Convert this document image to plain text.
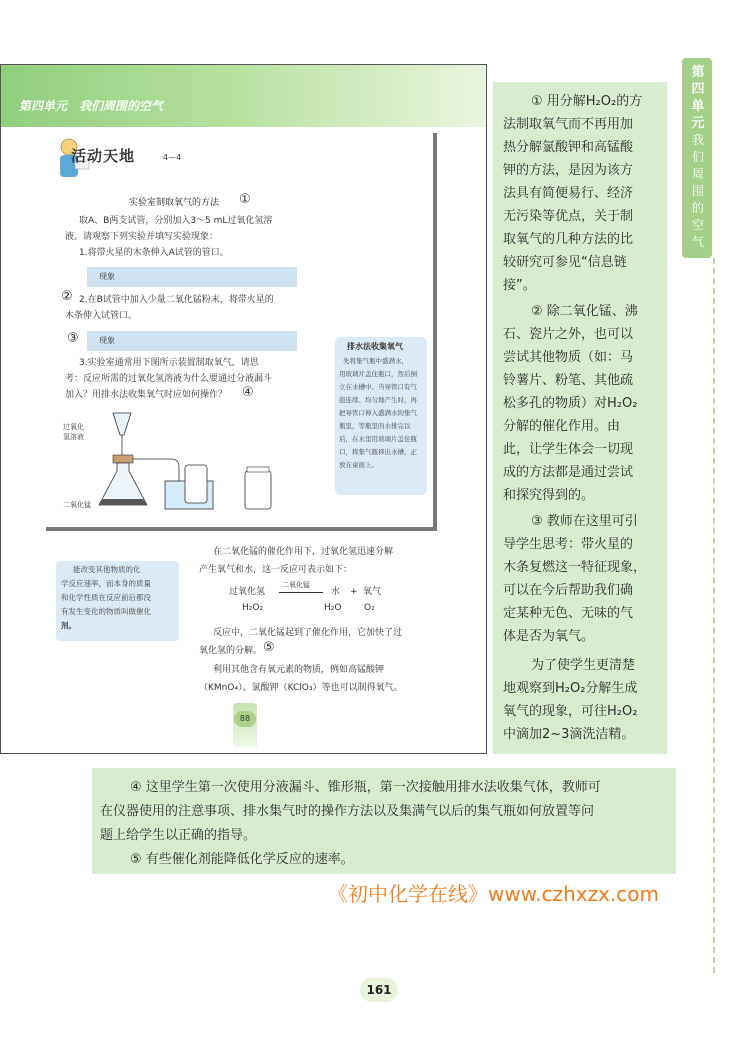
第四单元
我们周围的空气
第四单元　我们周围的空气
活动天地	4—4
实验室制取氧气的方法 ①
取A、B两支试管，分别加入3～5 mL过氧化氢溶
液。请观察下列实验并填写实验现象：
1.将带火星的木条伸入A试管的管口。
现象
② 2.在B试管中加入少量二氧化锰粉末，将带火星的
木条伸入试管口。
③	现象
3.实验室通常用下图所示装置制取氧气，请思
考：反应所需的过氧化氢溶液为什么要通过分液漏斗
加入？用排水法收集氧气时应如何操作？ ④
过氧化
氢溶液
二氧化锰
排水法收集氧气
先将集气瓶中盛满水，
用玻璃片盖住瓶口，然后倒
立在水槽中。当导管口有气
泡连续、均匀地产生时，再
把导管口伸入盛满水的集气
瓶里，等瓶里的水排完以
后，在水里用玻璃片盖住瓶
口，将集气瓶移出水槽，正
放在桌面上。
能改变其他物质的化
学反应速率，而本身的质量
和化学性质在反应前后都没
有发生变化的物质叫做催化
剂。
在二氧化锰的催化作用下，过氧化氢迅速分解
产生氧气和水，这一反应可表示如下：
过氧化氢
二氧化锰
水 + 氧气
H₂O₂	H₂O	O₂
反应中，二氧化锰起到了催化作用，它加快了过
氧化氢的分解。 ⑤
利用其他含有氧元素的物质，例如高锰酸钾
（KMnO₄）、氯酸钾（KClO₃）等也可以制得氧气。
88
① 用分解H₂O₂的方
法制取氧气而不再用加
热分解氯酸钾和高锰酸
钾的方法，是因为该方
法具有简便易行、经济
无污染等优点，关于制
取氧气的几种方法的比
较研究可参见“信息链
接”。
② 除二氧化锰、沸
石、瓷片之外，也可以
尝试其他物质（如：马
铃薯片、粉笔、其他疏
松多孔的物质）对H₂O₂
分解的催化作用。由
此，让学生体会一切现
成的方法都是通过尝试
和探究得到的。
③ 教师在这里可引
导学生思考：带火星的
木条复燃这一特征现象，
可以在今后帮助我们确
定某种无色、无味的气
体是否为氧气。
为了使学生更清楚
地观察到H₂O₂分解生成
氧气的现象，可往H₂O₂
中滴加2~3滴洗洁精。
④ 这里学生第一次使用分液漏斗、锥形瓶，第一次接触用排水法收集气体，教师可
在仪器使用的注意事项、排水集气时的操作方法以及集满气以后的集气瓶如何放置等问
题上给学生以正确的指导。
⑤ 有些催化剂能降低化学反应的速率。
《初中化学在线》www.czhxzx.com
161
